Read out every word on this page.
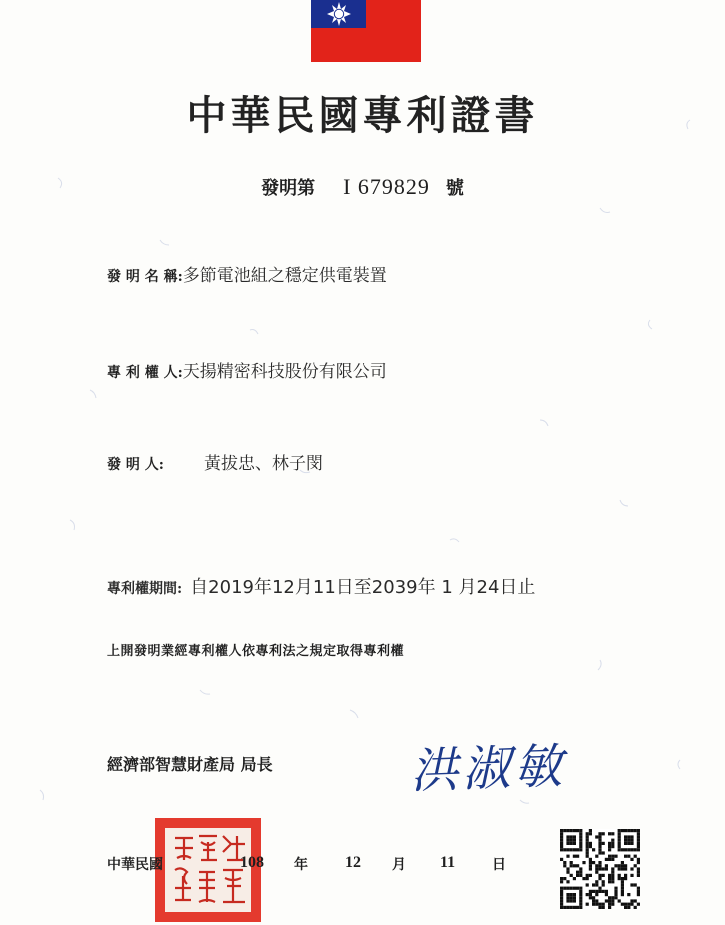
中華民國專利證書
發明第 I 679829 號
發 明 名 稱:多節電池組之穩定供電裝置
專 利 權 人:天揚精密科技股份有限公司
發 明 人: 黃拔忠、林子閔
專利權期間: 自2019年12月11日至2039年 1 月24日止
上開發明業經專利權人依專利法之規定取得專利權
經濟部智慧財產局 局長	洪淑敏
中華民國	108 年 12 月 11	日
